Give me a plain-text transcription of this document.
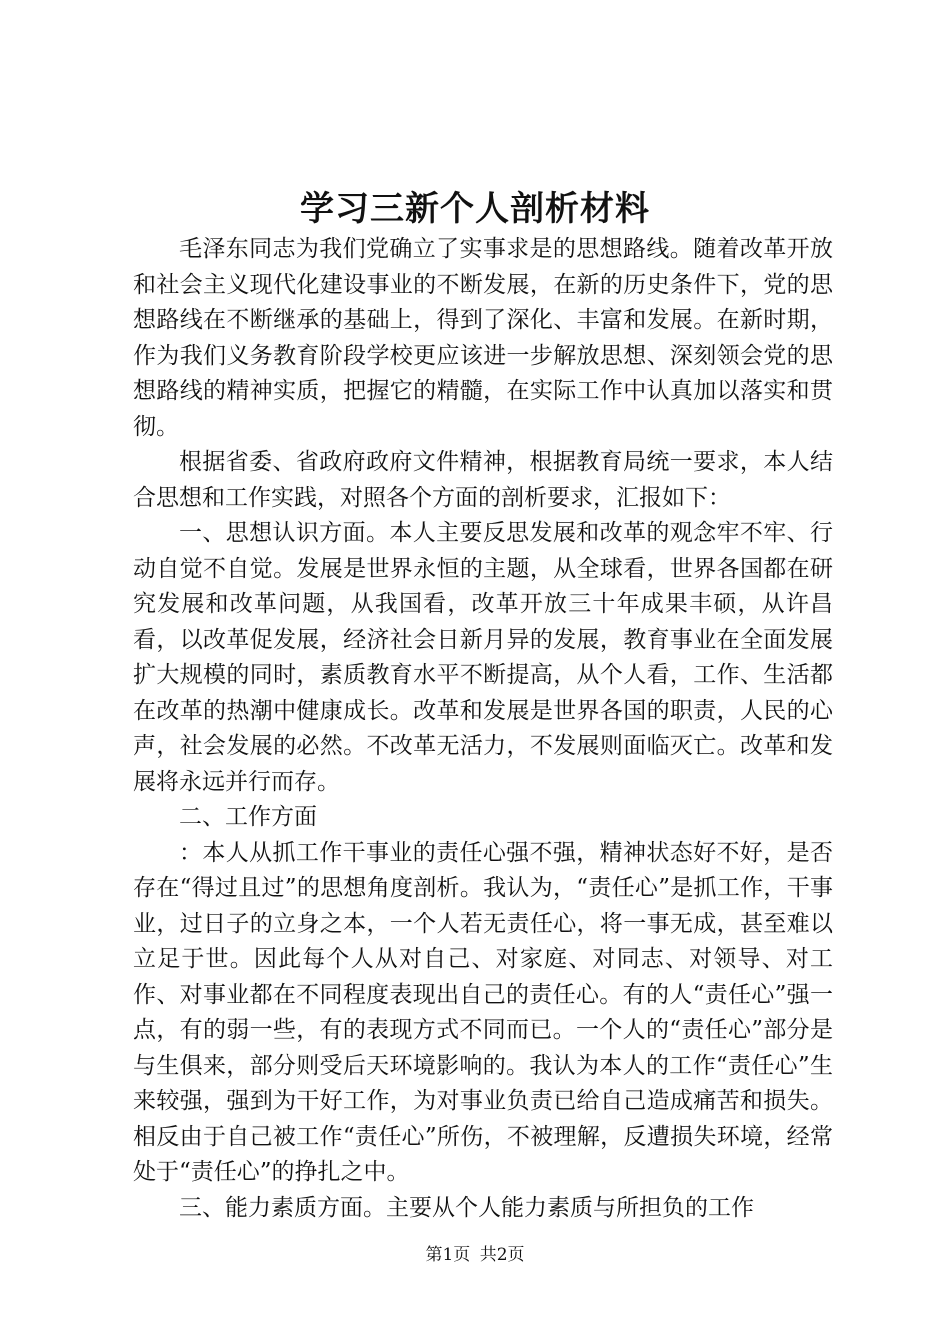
学习三新个人剖析材料

毛泽东同志为我们党确立了实事求是的思想路线。随着改革开放和社会主义现代化建设事业的不断发展，在新的历史条件下，党的思想路线在不断继承的基础上，得到了深化、丰富和发展。在新时期，作为我们义务教育阶段学校更应该进一步解放思想、深刻领会党的思想路线的精神实质，把握它的精髓，在实际工作中认真加以落实和贯彻。

根据省委、省政府政府文件精神，根据教育局统一要求，本人结合思想和工作实践，对照各个方面的剖析要求，汇报如下：

一、思想认识方面。本人主要反思发展和改革的观念牢不牢、行动自觉不自觉。发展是世界永恒的主题，从全球看，世界各国都在研究发展和改革问题，从我国看，改革开放三十年成果丰硕，从许昌看，以改革促发展，经济社会日新月异的发展，教育事业在全面发展扩大规模的同时，素质教育水平不断提高，从个人看，工作、生活都在改革的热潮中健康成长。改革和发展是世界各国的职责，人民的心声，社会发展的必然。不改革无活力，不发展则面临灭亡。改革和发展将永远并行而存。

二、工作方面

：本人从抓工作干事业的责任心强不强，精神状态好不好，是否存在“得过且过”的思想角度剖析。我认为，“责任心”是抓工作，干事业，过日子的立身之本，一个人若无责任心，将一事无成，甚至难以立足于世。因此每个人从对自己、对家庭、对同志、对领导、对工作、对事业都在不同程度表现出自己的责任心。有的人“责任心”强一点，有的弱一些，有的表现方式不同而已。一个人的“责任心”部分是与生俱来，部分则受后天环境影响的。我认为本人的工作“责任心”生来较强，强到为干好工作，为对事业负责已给自己造成痛苦和损失。相反由于自己被工作“责任心”所伤，不被理解，反遭损失环境，经常处于“责任心”的挣扎之中。

三、能力素质方面。主要从个人能力素质与所担负的工作

第1页 共2页
